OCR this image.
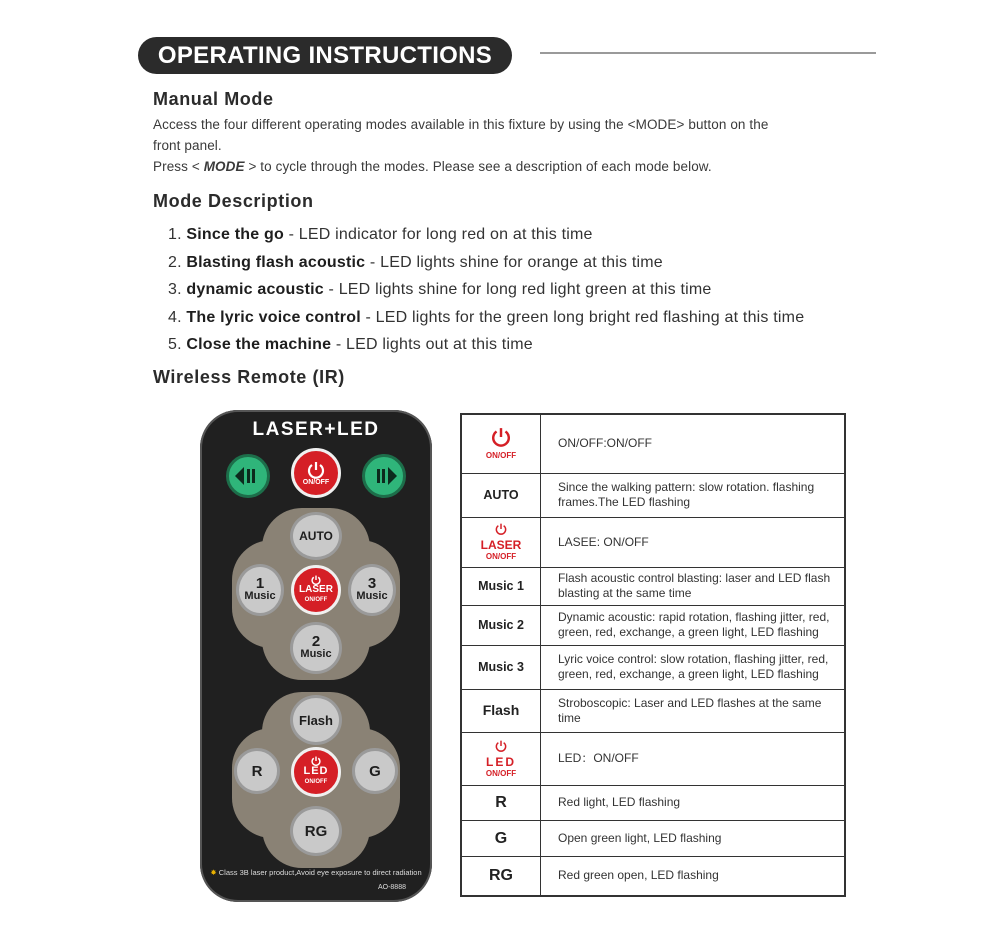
OPERATING INSTRUCTIONS
Manual Mode

Access the four different operating modes available in this fixture by using the <MODE> button on the

front panel.

Press < MODE > to cycle through the modes. Please see a description of each mode below.

Mode Description
1. Since the go - LED indicator for long red on at this time
2. Blasting flash acoustic - LED lights shine for orange at this time
3. dynamic acoustic - LED lights shine for long red light green at this time
4. The lyric voice control - LED lights for the green long bright red flashing at this time
5. Close the machine - LED lights out at this time
Wireless Remote (IR)
LASER+LED
ON/OFF
AUTO
1
Music
3
Music
2
Music
LASER
ON/OFF
Flash
R	G
RG
LED
ON/OFF
✸ Class 3B laser product,Avoid eye exposure to direct radiation
AO-8888
ON/OFF	ON/OFF:ON/OFF
AUTO	Since the walking pattern: slow rotation. flashing frames.The LED flashing

LASER
ON/OFF	LASEE: ON/OFF
Music 1	Flash acoustic control blasting: laser and LED flash blasting at the same time
Music 2	Dynamic acoustic: rapid rotation, flashing jitter, red, green, red, exchange, a green light, LED flashing
Music 3	Lyric voice control: slow rotation, flashing jitter, red, green, red, exchange, a green light, LED flashing
Flash	Stroboscopic: Laser and LED flashes at the same time

LED
ON/OFF	LED：ON/OFF
R	Red light, LED flashing
G	Open green light, LED flashing
RG	Red green open, LED flashing
